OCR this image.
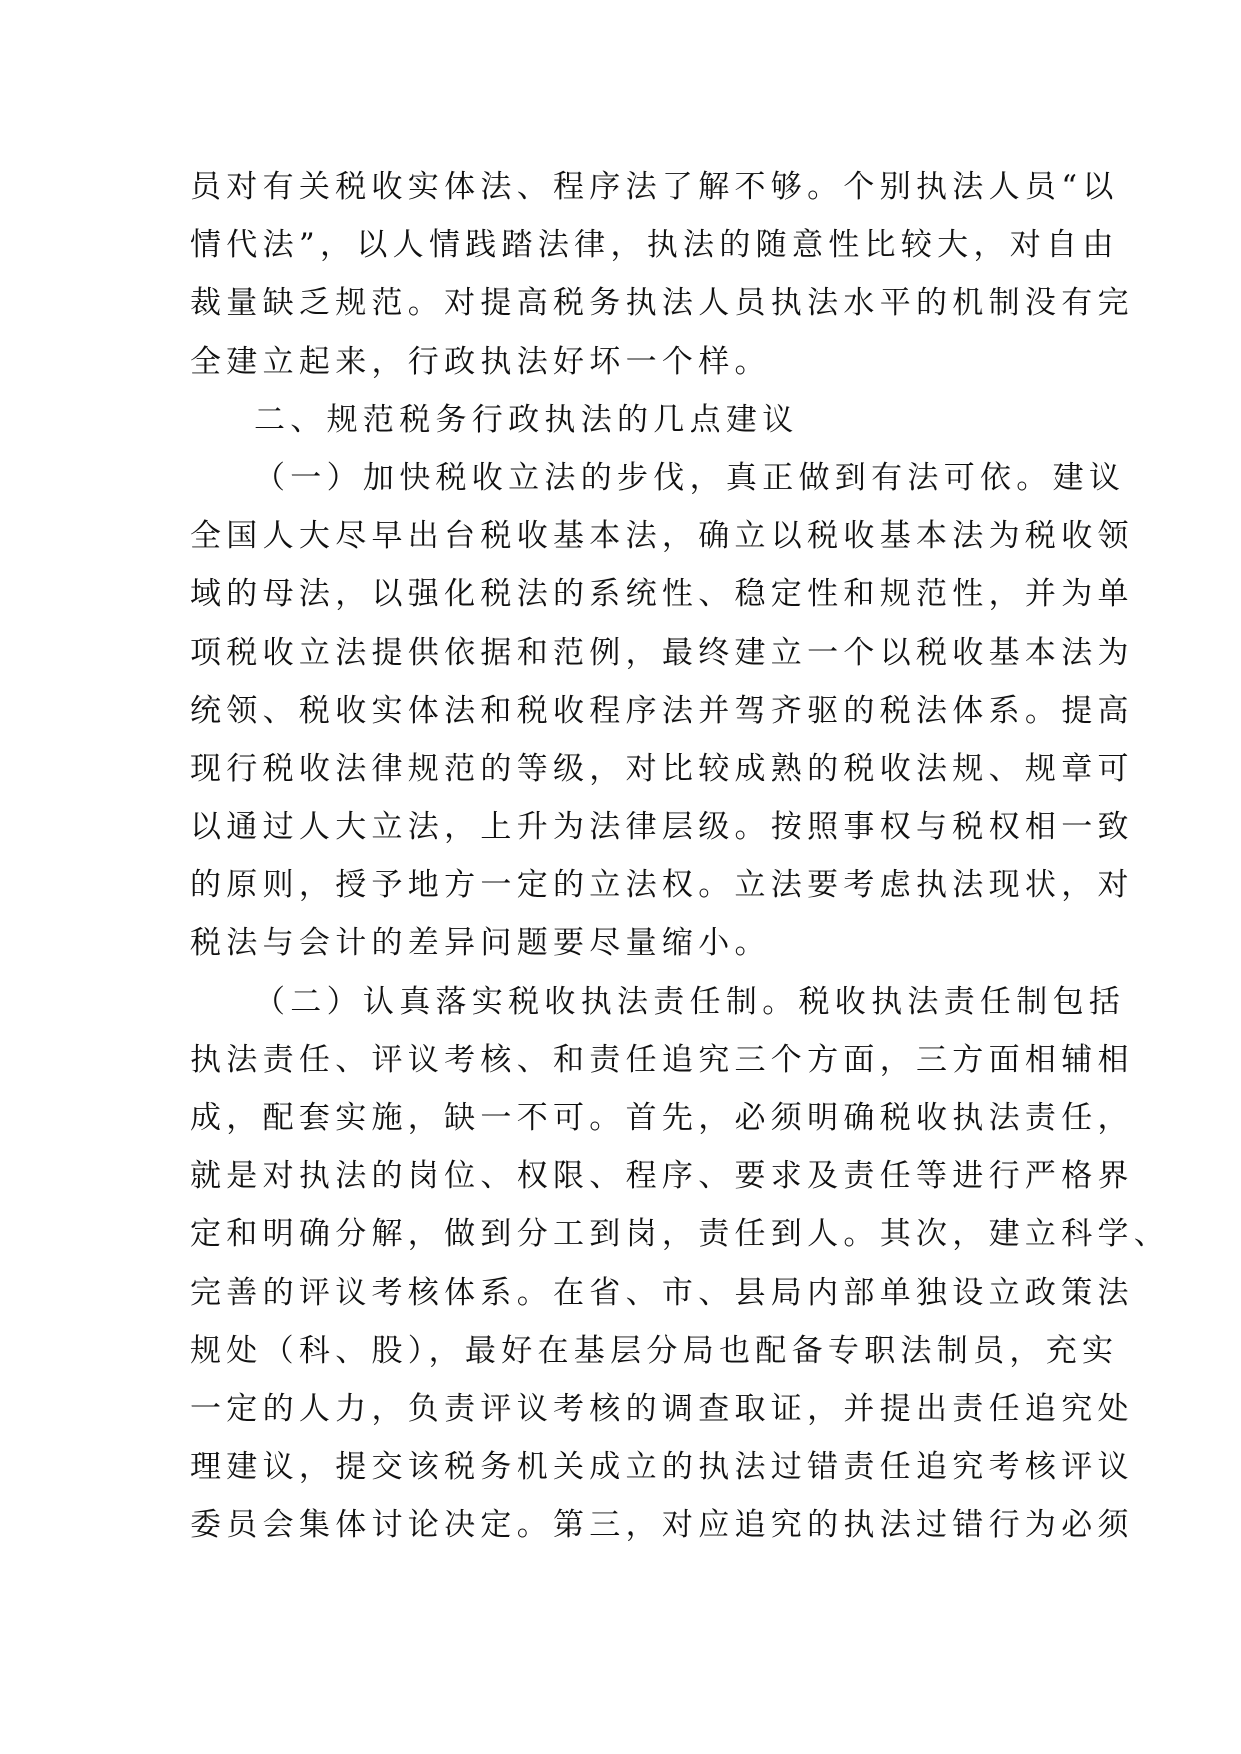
员对有关税收实体法、程序法了解不够。个别执法人员“以
情代法”，以人情践踏法律，执法的随意性比较大，对自由
裁量缺乏规范。对提高税务执法人员执法水平的机制没有完
全建立起来，行政执法好坏一个样。
二、规范税务行政执法的几点建议
（一）加快税收立法的步伐，真正做到有法可依。建议
全国人大尽早出台税收基本法，确立以税收基本法为税收领
域的母法，以强化税法的系统性、稳定性和规范性，并为单
项税收立法提供依据和范例，最终建立一个以税收基本法为
统领、税收实体法和税收程序法并驾齐驱的税法体系。提高
现行税收法律规范的等级，对比较成熟的税收法规、规章可
以通过人大立法，上升为法律层级。按照事权与税权相一致
的原则，授予地方一定的立法权。立法要考虑执法现状，对
税法与会计的差异问题要尽量缩小。
（二）认真落实税收执法责任制。税收执法责任制包括
执法责任、评议考核、和责任追究三个方面，三方面相辅相
成，配套实施，缺一不可。首先，必须明确税收执法责任，
就是对执法的岗位、权限、程序、要求及责任等进行严格界
定和明确分解，做到分工到岗，责任到人。其次，建立科学、
完善的评议考核体系。在省、市、县局内部单独设立政策法
规处（科、股），最好在基层分局也配备专职法制员，充实
一定的人力，负责评议考核的调查取证，并提出责任追究处
理建议，提交该税务机关成立的执法过错责任追究考核评议
委员会集体讨论决定。第三，对应追究的执法过错行为必须
